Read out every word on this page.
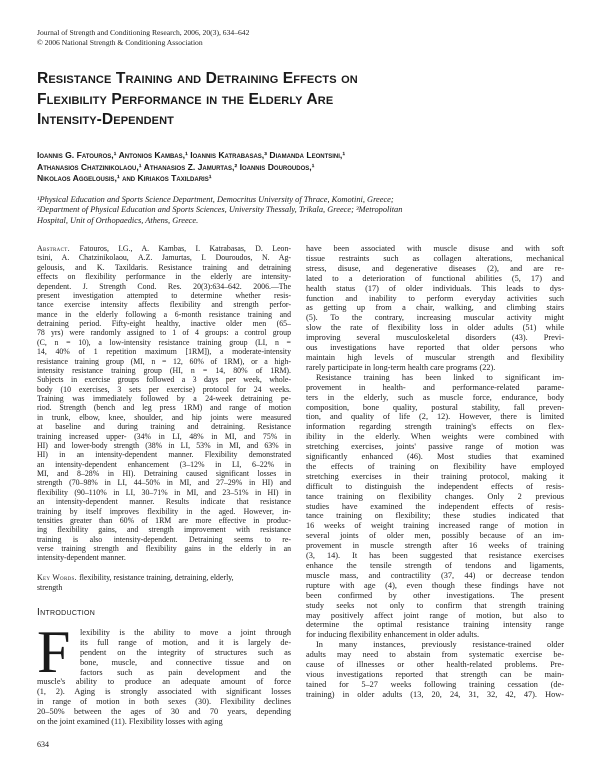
Journal of Strength and Conditioning Research, 2006, 20(3), 634–642
© 2006 National Strength & Conditioning Association
Resistance Training and Detraining Effects on
Flexibility Performance in the Elderly Are
Intensity-Dependent
Ioannis G. Fatouros,¹ Antonios Kambas,¹ Ioannis Katrabasas,³ Diamanda Leontsini,¹
Athanasios Chatzinikolaou,¹ Athanasios Z. Jamurtas,² Ioannis Douroudos,¹
Nikolaos Aggelousis,¹ and Kiriakos Taxildaris¹
¹Physical Education and Sports Science Department, Democritus University of Thrace, Komotini, Greece;
²Department of Physical Education and Sports Sciences, University Thessaly, Trikala, Greece; ³Metropolitan
Hospital, Unit of Orthopaedics, Athens, Greece.
Abstract. Fatouros, I.G., A. Kambas, I. Katrabasas, D. Leon-
tsini, A. Chatzinikolaou, A.Z. Jamurtas, I. Douroudos, N. Ag-
gelousis, and K. Taxildaris. Resistance training and detraining
effects on flexibility performance in the elderly are intensity-
dependent. J. Strength Cond. Res. 20(3):634–642. 2006.—The
present investigation attempted to determine whether resis-
tance exercise intensity affects flexibility and strength perfor-
mance in the elderly following a 6-month resistance training and
detraining period. Fifty-eight healthy, inactive older men (65–
78 yrs) were randomly assigned to 1 of 4 groups: a control group
(C, n = 10), a low-intensity resistance training group (LI, n =
14, 40% of 1 repetition maximum [1RM]), a moderate-intensity
resistance training group (MI, n = 12, 60% of 1RM), or a high-
intensity resistance training group (HI, n = 14, 80% of 1RM).
Subjects in exercise groups followed a 3 days per week, whole-
body (10 exercises, 3 sets per exercise) protocol for 24 weeks.
Training was immediately followed by a 24-week detraining pe-
riod. Strength (bench and leg press 1RM) and range of motion
in trunk, elbow, knee, shoulder, and hip joints were measured
at baseline and during training and detraining. Resistance
training increased upper- (34% in LI, 48% in MI, and 75% in
HI) and lower-body strength (38% in LI, 53% in MI, and 63% in
HI) in an intensity-dependent manner. Flexibility demonstrated
an intensity-dependent enhancement (3–12% in LI, 6–22% in
MI, and 8–28% in HI). Detraining caused significant losses in
strength (70–98% in LI, 44–50% in MI, and 27–29% in HI) and
flexibility (90–110% in LI, 30–71% in MI, and 23–51% in HI) in
an intensity-dependent manner. Results indicate that resistance
training by itself improves flexibility in the aged. However, in-
tensities greater than 60% of 1RM are more effective in produc-
ing flexibility gains, and strength improvement with resistance
training is also intensity-dependent. Detraining seems to re-
verse training strength and flexibility gains in the elderly in an
intensity-dependent manner.
Key Words. flexibility, resistance training, detraining, elderly,
strength
Introduction
F	lexibility is the ability to move a joint through
its full range of motion, and it is largely de-
pendent on the integrity of structures such as
bone, muscle, and connective tissue and on
factors such as pain development and the
muscle's ability to produce an adequate amount of force
(1, 2). Aging is strongly associated with significant losses
in range of motion in both sexes (30). Flexibility declines
20–50% between the ages of 30 and 70 years, depending
on the joint examined (11). Flexibility losses with aging
have been associated with muscle disuse and with soft
tissue restraints such as collagen alterations, mechanical
stress, disuse, and degenerative diseases (2), and are re-
lated to a deterioration of functional abilities (5, 17) and
health status (17) of older individuals. This leads to dys-
function and inability to perform everyday activities such
as getting up from a chair, walking, and climbing stairs
(5). To the contrary, increasing muscular activity might
slow the rate of flexibility loss in older adults (51) while
improving several musculoskeletal disorders (43). Previ-
ous investigations have reported that older persons who
maintain high levels of muscular strength and flexibility
rarely participate in long-term health care programs (22).
Resistance training has been linked to significant im-
provement in health- and performance-related parame-
ters in the elderly, such as muscle force, endurance, body
composition, bone quality, postural stability, fall preven-
tion, and quality of life (2, 12). However, there is limited
information regarding strength training's effects on flex-
ibility in the elderly. When weights were combined with
stretching exercises, joints' passive range of motion was
significantly enhanced (46). Most studies that examined
the effects of training on flexibility have employed
stretching exercises in their training protocol, making it
difficult to distinguish the independent effects of resis-
tance training on flexibility changes. Only 2 previous
studies have examined the independent effects of resis-
tance training on flexibility; these studies indicated that
16 weeks of weight training increased range of motion in
several joints of older men, possibly because of an im-
provement in muscle strength after 16 weeks of training
(3, 14). It has been suggested that resistance exercises
enhance the tensile strength of tendons and ligaments,
muscle mass, and contractility (37, 44) or decrease tendon
rupture with age (4), even though these findings have not
been confirmed by other investigations. The present
study seeks not only to confirm that strength training
may positively affect joint range of motion, but also to
determine the optimal resistance training intensity range
for inducing flexibility enhancement in older adults.
In many instances, previously resistance-trained older
adults may need to abstain from systematic exercise be-
cause of illnesses or other health-related problems. Pre-
vious investigations reported that strength can be main-
tained for 5–27 weeks following training cessation (de-
training) in older adults (13, 20, 24, 31, 32, 42, 47). How-
634
